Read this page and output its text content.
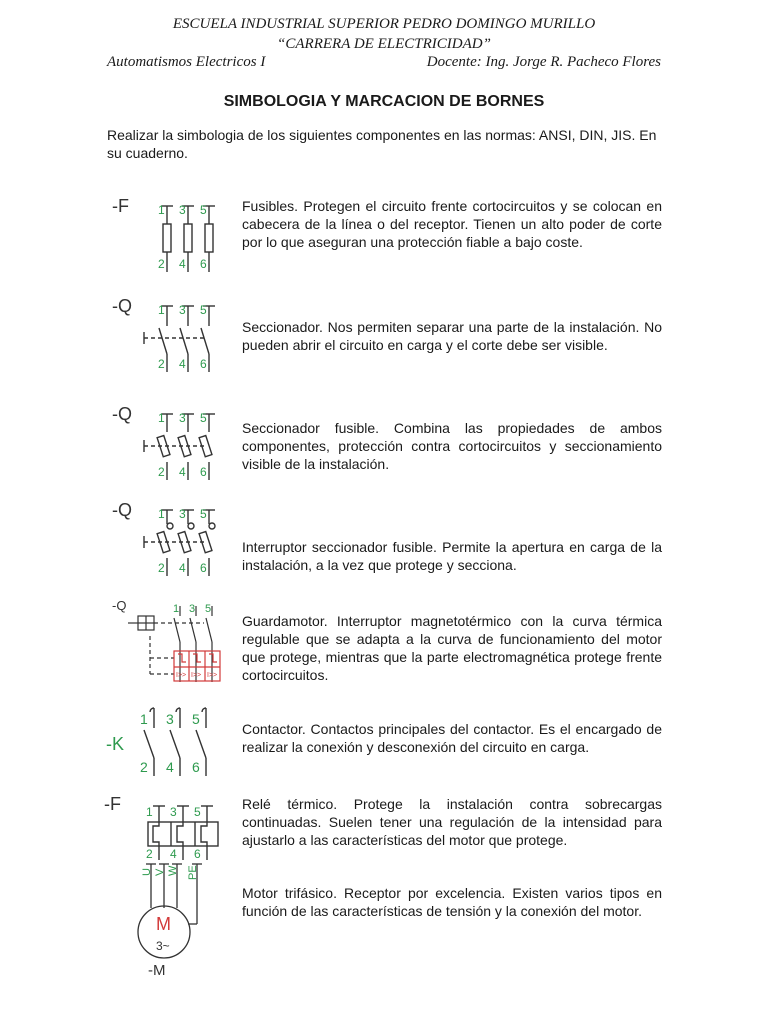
ESCUELA INDUSTRIAL SUPERIOR PEDRO DOMINGO MURILLO
“CARRERA DE ELECTRICIDAD”
Automatismos Electricos I	Docente: Ing. Jorge R. Pacheco Flores
SIMBOLOGIA Y MARCACION DE BORNES
Realizar la simbologia de los siguientes componentes en las normas: ANSI, DIN, JIS. En su cuaderno.
-F 1 3 5
2 4 6
Fusibles. Protegen el circuito frente cortocircuitos y se colocan en cabecera de la línea o del receptor. Tienen un alto poder de corte por lo que aseguran una protección fiable a bajo coste.
-Q 1 3 5
2 4 6
Seccionador. Nos permiten separar una parte de la instalación. No pueden abrir el circuito en carga y el corte debe ser visible.
-Q 1 3 5
2 4 6
Seccionador fusible. Combina las propiedades de ambos componentes, protección contra cortocircuitos y seccionamiento visible de la instalación.
-Q 1 3 5
2 4 6
Interruptor seccionador fusible. Permite la apertura en carga de la instalación, a la vez que protege y secciona.
-Q
I>> I>> I>>
1 3 5
Guardamotor. Interruptor magnetotérmico con la curva térmica regulable que se adapta a la curva de funcionamiento del motor que protege, mientras que la parte electromagnética protege frente cortocircuitos.
-K
1 3 5
2 4 6
Contactor. Contactos principales del contactor. Es el encargado de realizar la conexión y desconexión del circuito en carga.
-F 1 3 5
2 4 6
Relé térmico. Protege la instalación contra sobrecargas continuadas. Suelen tener una regulación de la intensidad para ajustarlo a las características del motor que protege.
U V W PE
M
3~
-M
Motor trifásico. Receptor por excelencia. Existen varios tipos en función de las características de tensión y la conexión del motor.
